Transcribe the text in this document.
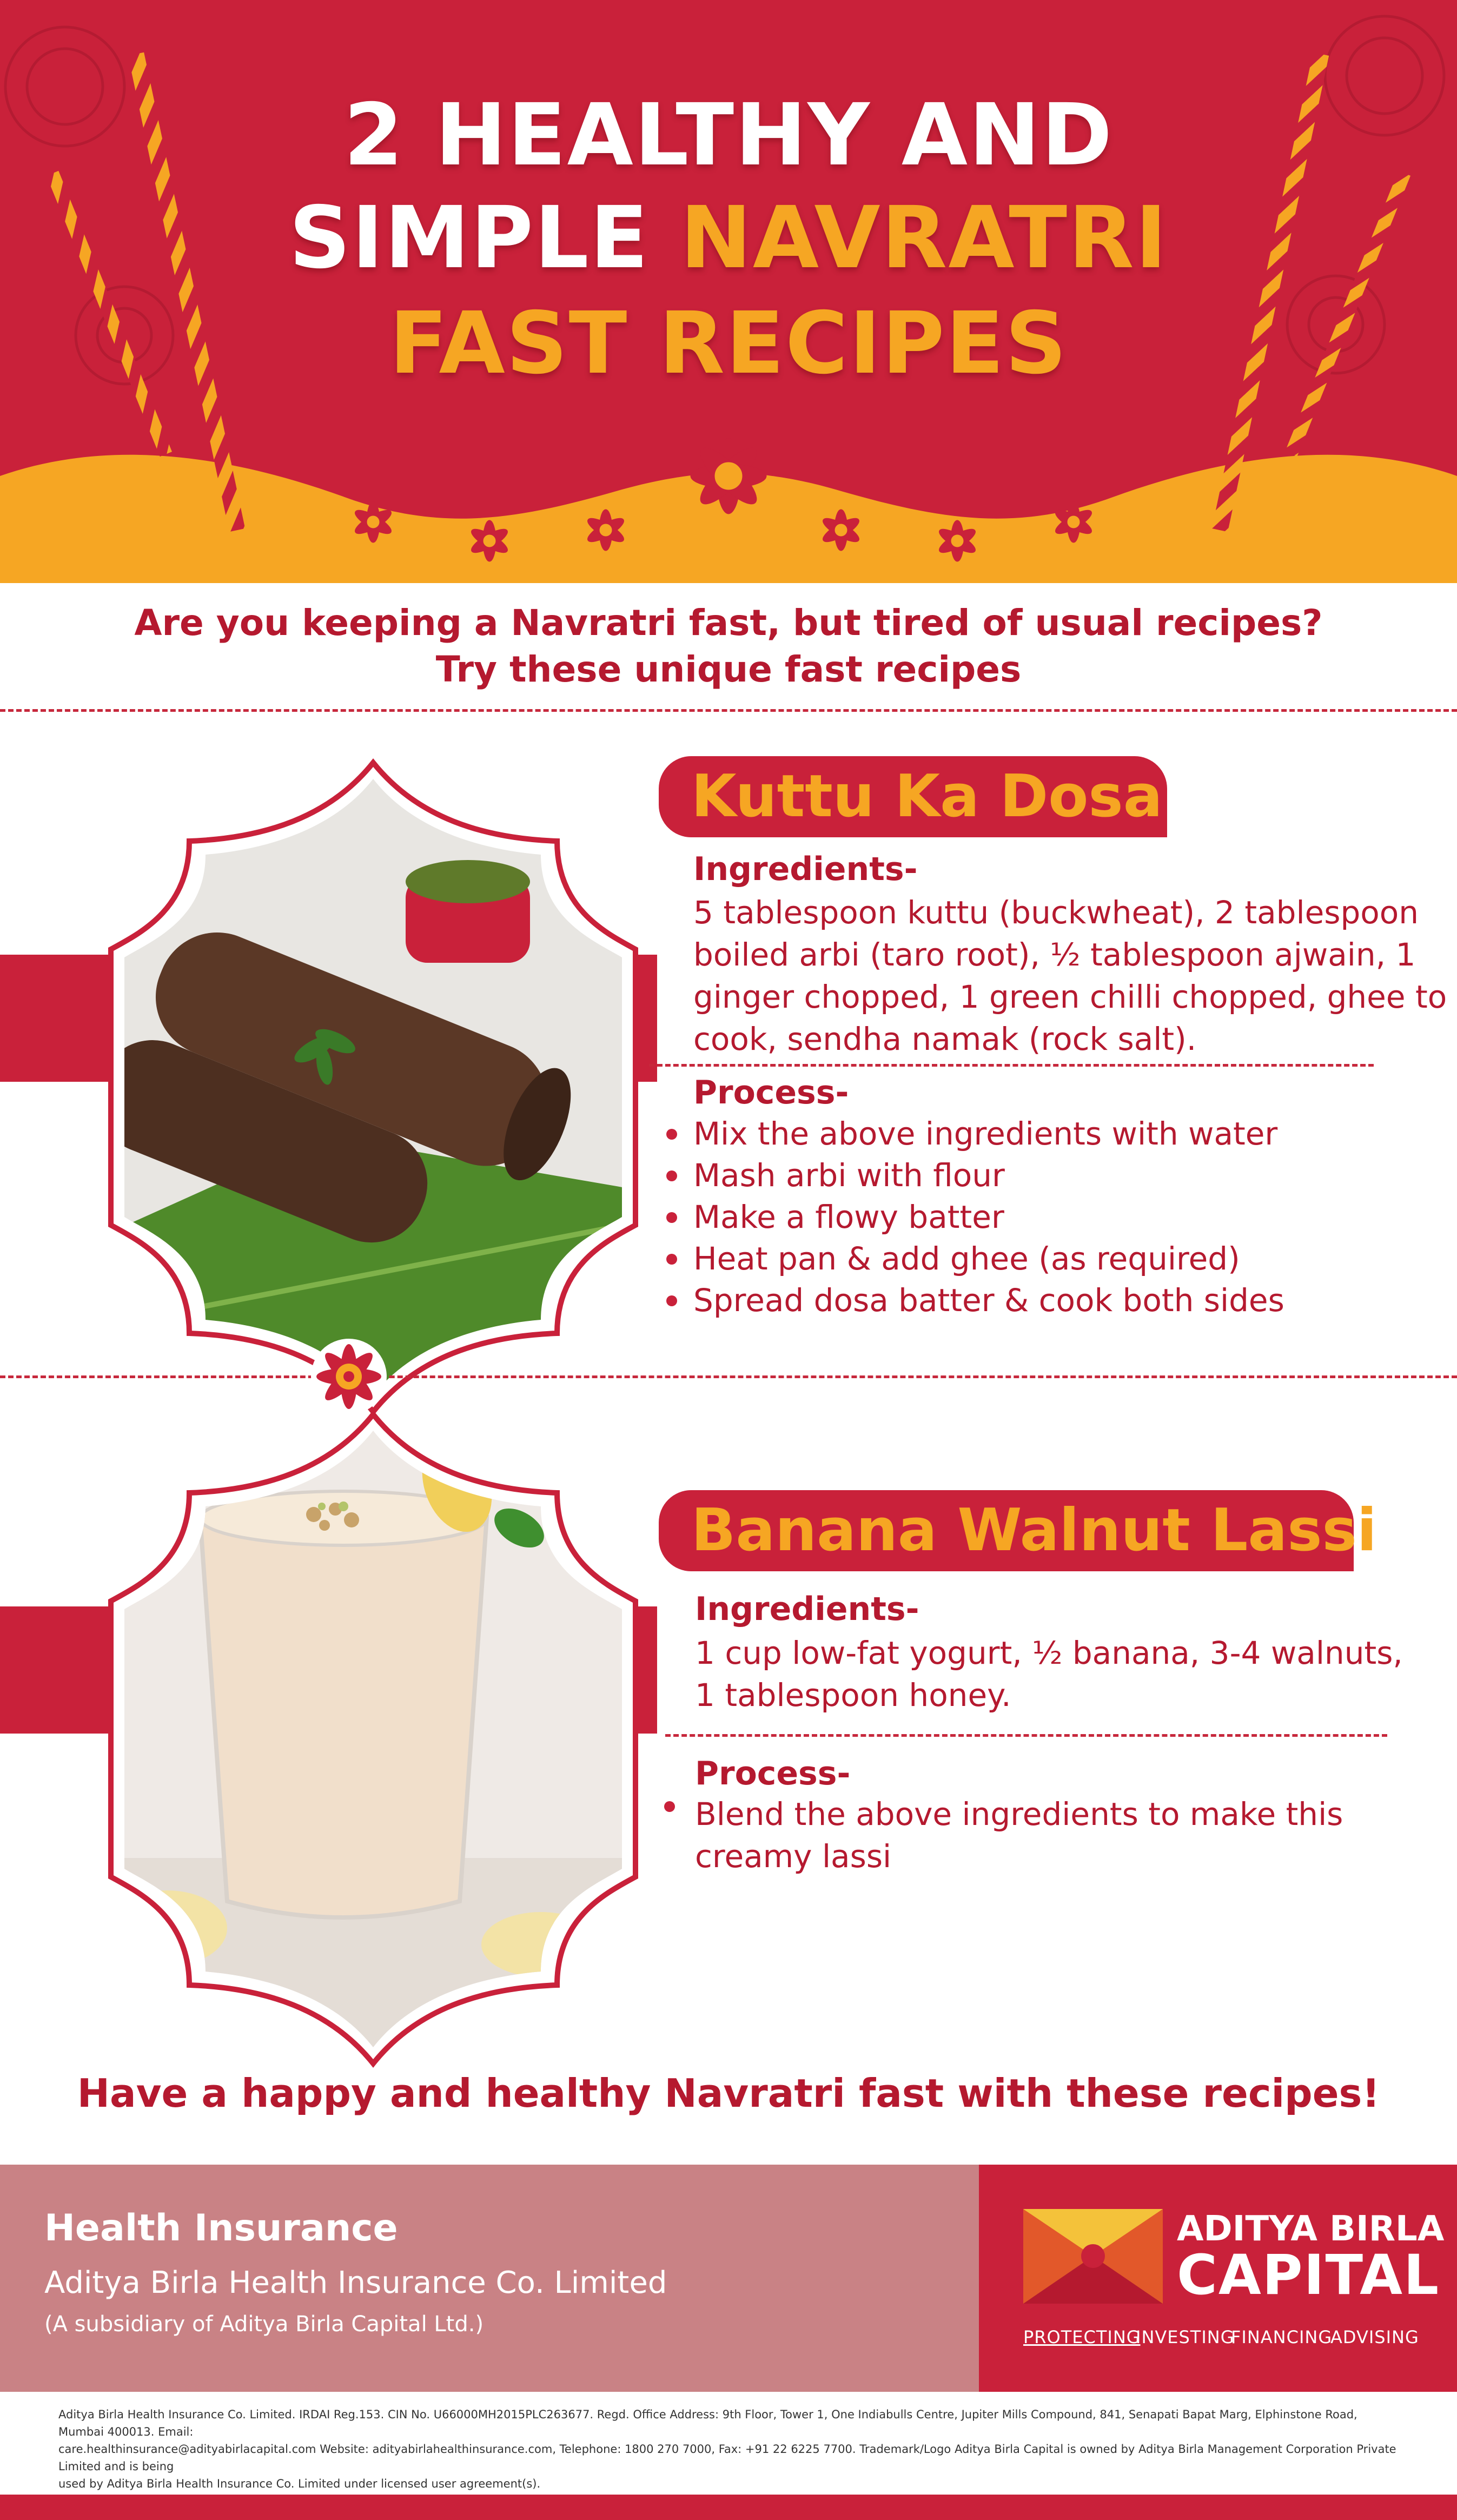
2 HEALTHY AND
SIMPLE NAVRATRI
FAST RECIPES
Are you keeping a Navratri fast, but tired of usual recipes?
Try these unique fast recipes
Kuttu Ka Dosa
Ingredients-
5 tablespoon kuttu (buckwheat), 2 tablespoon
boiled arbi (taro root), ½ tablespoon ajwain, 1
ginger chopped, 1 green chilli chopped, ghee to
cook, sendha namak (rock salt).
Process-
Mix the above ingredients with water
Mash arbi with flour
Make a flowy batter
Heat pan & add ghee (as required)
Spread dosa batter & cook both sides
Banana Walnut Lassi
Ingredients-
1 cup low-fat yogurt, ½ banana, 3-4 walnuts,
1 tablespoon honey.
Process-
Blend the above ingredients to make this
creamy lassi
Have a happy and healthy Navratri fast with these recipes!
Health Insurance
Aditya Birla Health Insurance Co. Limited
(A subsidiary of Aditya Birla Capital Ltd.)
ADITYA BIRLA
CAPITAL
PROTECTING
INVESTING
FINANCING
ADVISING
Aditya Birla Health Insurance Co. Limited. IRDAI Reg.153. CIN No. U66000MH2015PLC263677. Regd. Office Address: 9th Floor, Tower 1, One Indiabulls Centre, Jupiter Mills Compound, 841, Senapati Bapat Marg, Elphinstone Road, Mumbai 400013. Email:
care.healthinsurance@adityabirlacapital.com Website: adityabirlahealthinsurance.com, Telephone: 1800 270 7000, Fax: +91 22 6225 7700. Trademark/Logo Aditya Birla Capital is owned by Aditya Birla Management Corporation Private Limited and is being
used by Aditya Birla Health Insurance Co. Limited under licensed user agreement(s).
